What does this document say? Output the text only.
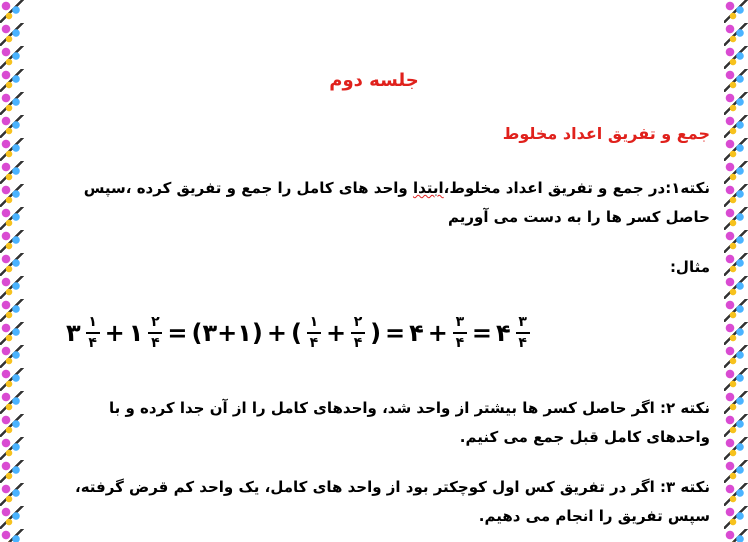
جلسه دوم
جمع و تفریق اعداد مخلوط
نکته۱:در جمع و تفریق اعداد مخلوط،ابتدا واحد های کامل را جمع و تفریق کرده ،سپس حاصل کسر ها را به دست می آوریم
مثال:
۳ $\frac{۱}{۴}$ + ۱ $\frac{۲}{۴}$ = (۳+۱) + ( $\frac{۱}{۴} + \frac{۲}{۴}$ ) = ۴ + $\frac{۳}{۴}$ = ۴ $\frac{۳}{۴}$
نکته ۲: اگر حاصل کسر ها بیشتر از واحد شد، واحدهای کامل را از آن جدا کرده و با واحدهای کامل قبل جمع می کنیم.
نکته ۳: اگر در تفریق کس اول کوچکتر بود از واحد های کامل، یک واحد کم قرض گرفته، سپس تفریق را انجام می دهیم.
